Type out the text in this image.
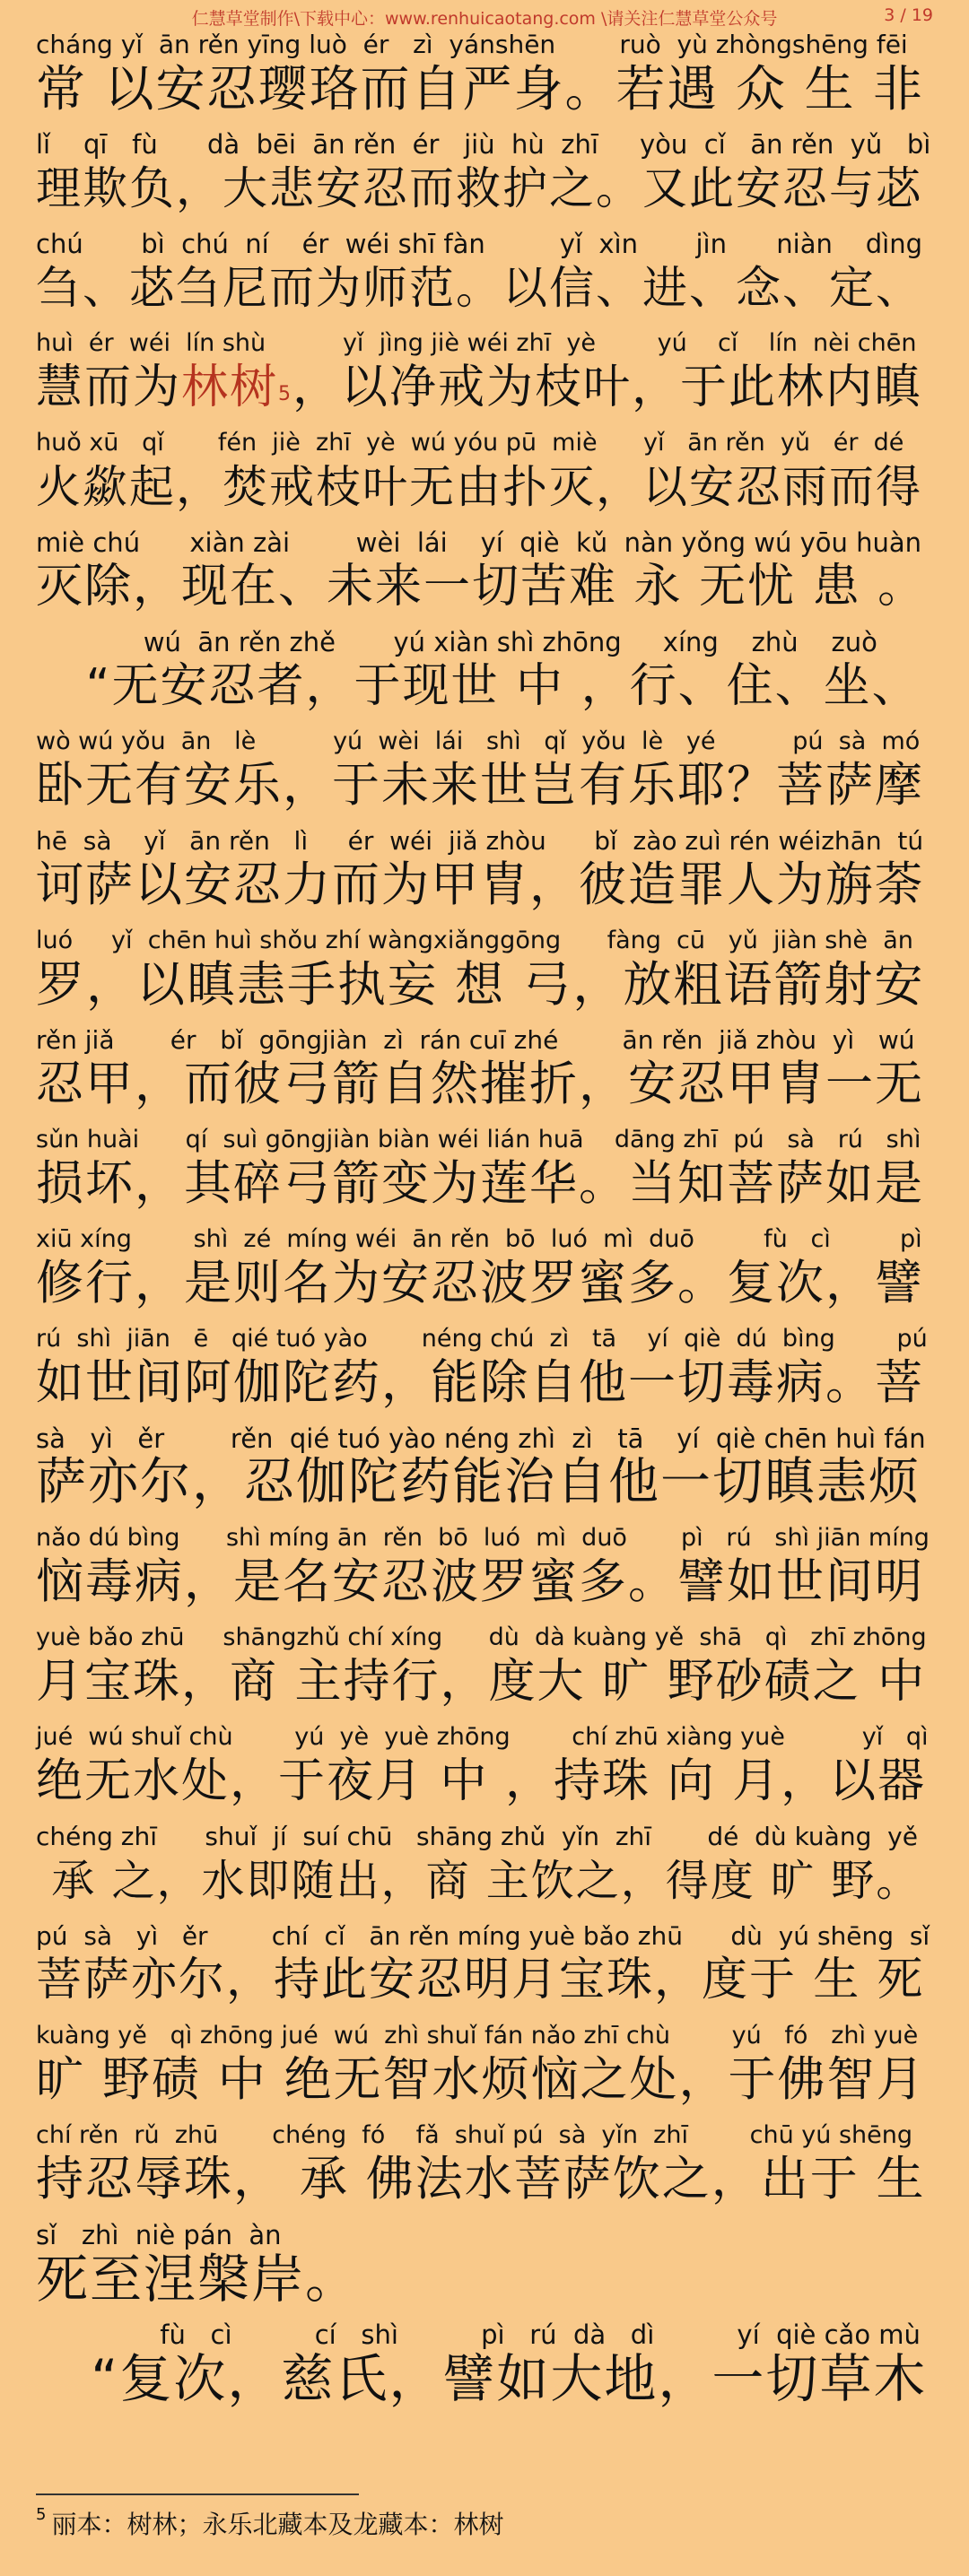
仁慧草堂制作\下载中心：www.renhuicaotang.com \请关注仁慧草堂公众号	3 / 19
cháng yǐ  ān rěn yīng luò  ér   zì  yánshēn        ruò  yù zhòngshēng fēi
常 以安忍璎珞而自严身。若遇 众 生 非
lǐ    qī   fù      dà  bēi  ān rěn  ér   jiù  hù  zhī     yòu  cǐ   ān rěn  yǔ   bì
理欺负，大悲安忍而救护之。又此安忍与苾
chú       bì  chú  ní    ér  wéi shī fàn         yǐ  xìn       jìn      niàn    dìng
刍、苾刍尼而为师范。以信、进、念、定、
huì  ér  wéi  lín shù          yǐ  jìng jiè wéi zhī  yè        yú    cǐ    lín  nèi chēn
慧而为林树$^5$，以净戒为枝叶，于此林内瞋
huǒ xū   qǐ       fén  jiè  zhī  yè  wú yóu pū  miè      yǐ   ān rěn  yǔ   ér  dé
火歘起，焚戒枝叶无由扑灭，以安忍雨而得
miè chú      xiàn zài        wèi  lái    yí  qiè  kǔ  nàn yǒng wú yōu huàn
灭除，现在、未来一切苦难 永 无忧 患 。
wú  ān rěn zhě       yú xiàn shì zhōng     xíng    zhù    zuò
“无安忍者，于现世 中 ，行、住、坐、
wò wú yǒu  ān   lè          yú  wèi  lái   shì   qǐ  yǒu  lè   yé          pú  sà  mó
卧无有安乐，于未来世岂有乐耶？菩萨摩
hē  sà    yǐ   ān rěn   lì     ér  wéi  jiǎ zhòu      bǐ  zào zuì rén wéizhān  tú
诃萨以安忍力而为甲胄，彼造罪人为旃荼
luó     yǐ  chēn huì shǒu zhí wàngxiǎnggōng      fàng  cū   yǔ  jiàn shè  ān
罗，以瞋恚手执妄 想 弓，放粗语箭射安
rěn jiǎ       ér   bǐ  gōngjiàn  zì  rán cuī zhé        ān rěn  jiǎ zhòu  yì   wú
忍甲，而彼弓箭自然摧折，安忍甲胄一无
sǔn huài      qí  suì gōngjiàn biàn wéi lián huā    dāng zhī  pú   sà   rú   shì
损坏，其碎弓箭变为莲华。当知菩萨如是
xiū xíng        shì  zé  míng wéi  ān rěn  bō  luó  mì  duō         fù   cì         pì
修行，是则名为安忍波罗蜜多。复次，譬
rú  shì  jiān   ē   qié tuó yào       néng chú  zì   tā    yí  qiè  dú  bìng        pú
如世间阿伽陀药，能除自他一切毒病。菩
sà   yì   ěr        rěn  qié tuó yào néng zhì  zì   tā    yí  qiè chēn huì fán
萨亦尔，忍伽陀药能治自他一切瞋恚烦
nǎo dú bìng      shì míng ān  rěn  bō  luó  mì  duō       pì   rú   shì jiān míng
恼毒病，是名安忍波罗蜜多。譬如世间明
yuè bǎo zhū     shāngzhǔ chí xíng      dù  dà kuàng yě  shā   qì   zhī zhōng
月宝珠，商 主持行，度大 旷 野砂碛之 中
jué  wú shuǐ chù        yú  yè  yuè zhōng        chí zhū xiàng yuè          yǐ   qì
绝无水处，于夜月 中 ，持珠 向 月，以器
chéng zhī      shuǐ  jí  suí chū   shāng zhǔ  yǐn  zhī       dé  dù kuàng  yě
承 之，水即随出，商 主饮之，得度 旷 野。
pú  sà   yì   ěr        chí  cǐ   ān rěn míng yuè bǎo zhū      dù  yú shēng  sǐ
菩萨亦尔，持此安忍明月宝珠，度于 生 死
kuàng yě   qì zhōng jué  wú  zhì shuǐ fán nǎo zhī chù        yú   fó   zhì yuè
旷 野碛 中 绝无智水烦恼之处，于佛智月
chí rěn  rǔ  zhū       chéng  fó    fǎ  shuǐ pú  sà  yǐn  zhī        chū yú shēng
持忍辱珠， 承 佛法水菩萨饮之，出于 生
sǐ   zhì  niè pán  àn
死至涅槃岸。
fù   cì          cí   shì          pì   rú  dà   dì          yí  qiè cǎo mù
“复次，慈氏，譬如大地，一切草木
$^5$ 丽本：树林；永乐北藏本及龙藏本：林树
